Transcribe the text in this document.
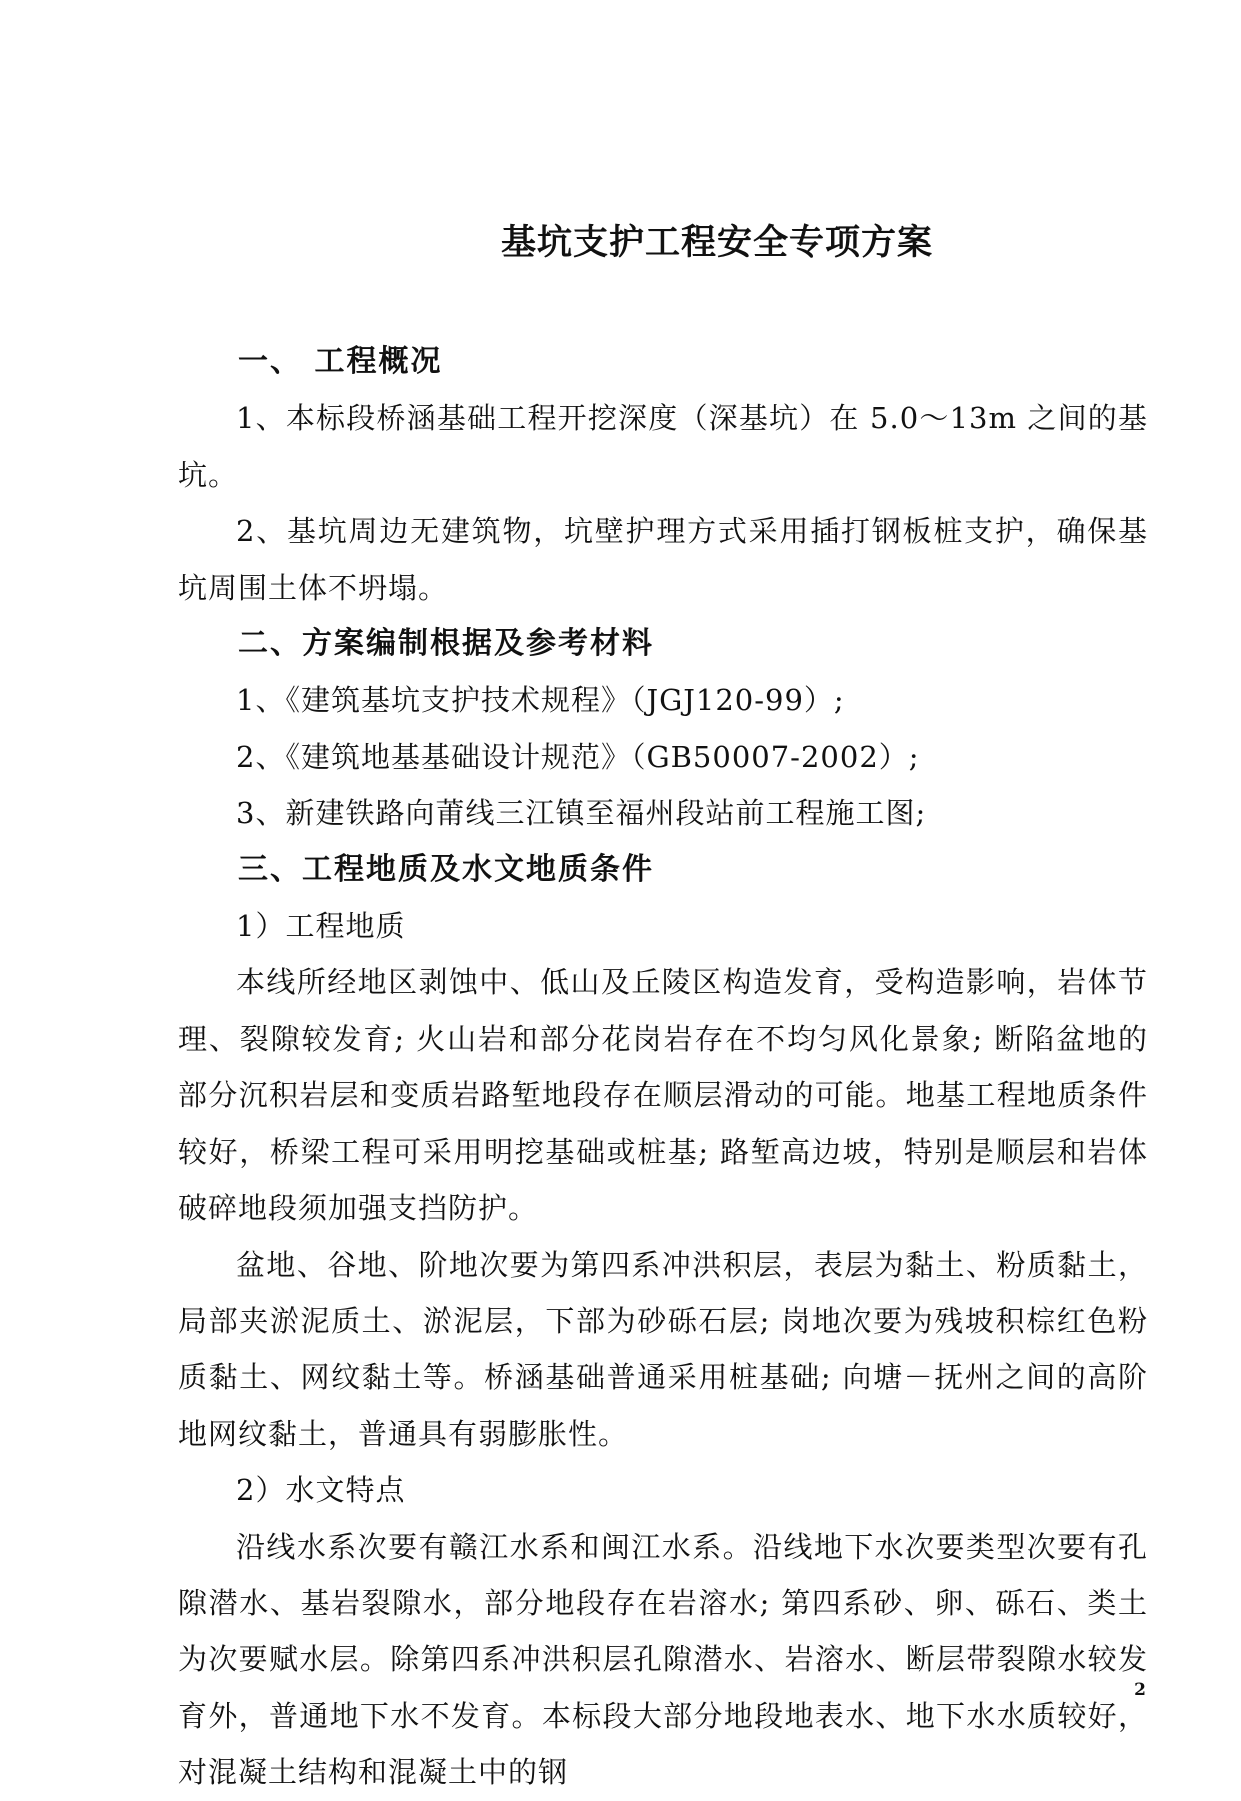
基坑支护工程安全专项方案
一、 工程概况

1、本标段桥涵基础工程开挖深度（深基坑）在 5.0～13m 之间的基坑。

2、基坑周边无建筑物，坑壁护理方式采用插打钢板桩支护，确保基坑周围土体不坍塌。

二、方案编制根据及参考材料

1、《建筑基坑支护技术规程》（JGJ120-99）;

2、《建筑地基基础设计规范》（GB50007-2002）;

3、新建铁路向莆线三江镇至福州段站前工程施工图;

三、工程地质及水文地质条件

1）工程地质

本线所经地区剥蚀中、低山及丘陵区构造发育，受构造影响，岩体节理、裂隙较发育; 火山岩和部分花岗岩存在不均匀风化景象; 断陷盆地的部分沉积岩层和变质岩路堑地段存在顺层滑动的可能。地基工程地质条件较好，桥梁工程可采用明挖基础或桩基; 路堑高边坡，特别是顺层和岩体破碎地段须加强支挡防护。

盆地、谷地、阶地次要为第四系冲洪积层，表层为黏土、粉质黏土，局部夹淤泥质土、淤泥层，下部为砂砾石层; 岗地次要为残坡积棕红色粉质黏土、网纹黏土等。桥涵基础普通采用桩基础; 向塘－抚州之间的高阶地网纹黏土，普通具有弱膨胀性。

2）水文特点

沿线水系次要有赣江水系和闽江水系。沿线地下水次要类型次要有孔隙潜水、基岩裂隙水，部分地段存在岩溶水; 第四系砂、卵、砾石、类土为次要赋水层。除第四系冲洪积层孔隙潜水、岩溶水、断层带裂隙水较发育外，普通地下水不发育。本标段大部分地段地表水、地下水水质较好，对混凝土结构和混凝土中的钢

2
